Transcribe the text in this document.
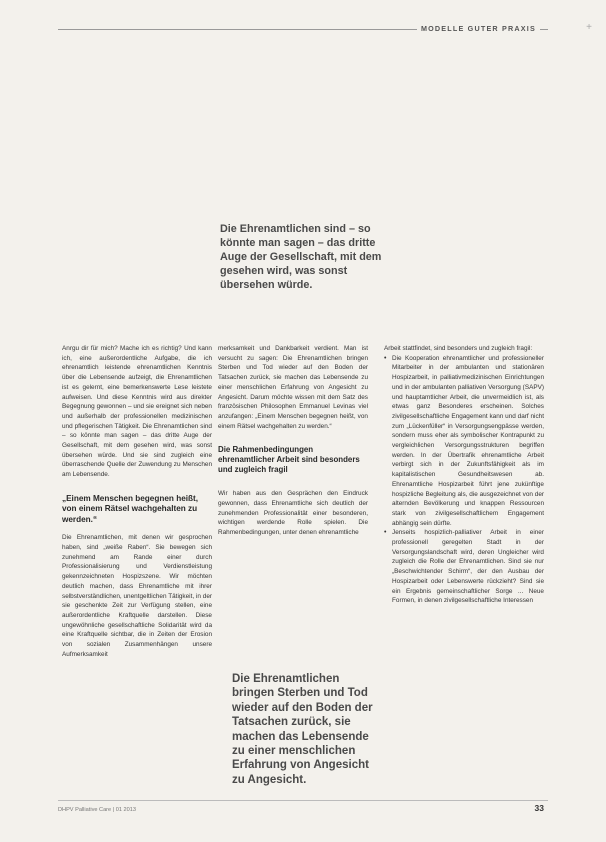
MODELLE GUTER PRAXIS	+
Die Ehrenamtlichen sind – so könnte man sagen – das dritte Auge der Gesellschaft, mit dem gesehen wird, was sonst übersehen würde.

Anrgu dir für mich? Mache ich es richtig? Und kann ich, eine außerordentliche Aufgabe, die ich ehrenamtlich leistende ehrenamtlichen Kenntnis über die Lebensende aufzeigt, die Ehrenamtlichen ist es gelernt, eine bemerkenswerte Lese leistete aufweisen. Und diese Kenntnis wird aus direkter Begegnung gewonnen – und sie ereignet sich neben und außerhalb der professionellen medizinischen und pflegerischen Tätigkeit. Die Ehrenamtlichen sind – so könnte man sagen – das dritte Auge der Gesellschaft, mit dem gesehen wird, was sonst übersehen würde. Und sie sind zugleich eine überraschende Quelle der Zuwendung zu Menschen am Lebensende.

„Einem Menschen begegnen heißt, von einem Rätsel wachgehalten zu werden.“

Die Ehrenamtlichen, mit denen wir gesprochen haben, sind „weiße Raben“. Sie bewegen sich zunehmend am Rande einer durch Professionalisierung und Verdienstleistung gekennzeichneten Hospizszene. Wir möchten deutlich machen, dass Ehrenamtliche mit ihrer selbstverständlichen, unentgeltlichen Tätigkeit, in der sie geschenkte Zeit zur Verfügung stellen, eine außerordentliche Kraftquelle darstellen. Diese ungewöhnliche gesellschaftliche Solidarität wird da eine Kraftquelle sichtbar, die in Zeiten der Erosion von sozialen Zusammenhängen unsere Aufmerksamkeit

merksamkeit und Dankbarkeit verdient. Man ist versucht zu sagen: Die Ehrenamtlichen bringen Sterben und Tod wieder auf den Boden der Tatsachen zurück, sie machen das Lebensende zu einer menschlichen Erfahrung von Angesicht zu Angesicht. Darum möchte wissen mit dem Satz des französischen Philosophen Emmanuel Levinas viel anzufangen: „Einem Menschen begegnen heißt, von einem Rätsel wachgehalten zu werden.“

Die Rahmenbedingungen ehrenamtlicher Arbeit sind besonders und zugleich fragil

Wir haben aus den Gesprächen den Eindruck gewonnen, dass Ehrenamtliche sich deutlich der zunehmenden Professionalität einer besonderen, wichtigen werdende Rolle spielen. Die Rahmenbedingungen, unter denen ehrenamtliche

Arbeit stattfindet, sind besonders und zugleich fragil:

• Die Kooperation ehrenamtlicher und professioneller Mitarbeiter in der ambulanten und stationären Hospizarbeit, in palliativmedizinischen Einrichtungen und in der ambulanten palliativen Versorgung (SAPV) und hauptamtlicher Arbeit, die unvermeidlich ist, als etwas ganz Besonderes erscheinen. Solches zivilgesellschaftliche Engagement kann und darf nicht zum „Lückenfüller“ in Versorgungsengpässe werden, sondern muss eher als symbolischer Kontrapunkt zu vergleichlichen Versorgungsstrukturen begriffen werden. In der Übertrafik ehrenamtliche Arbeit verbirgt sich in der Zukunftsfähigkeit als im kapitalistischen Gesundheitswesen ab. Ehrenamtliche Hospizarbeit führt jene zukünftige hospizliche Begleitung als, die ausgezeichnet von der alternden Bevölkerung und knappen Ressourcen stark von zivilgesellschaftlichem Engagement abhängig sein dürfte.
• Jenseits hospizlich-palliativer Arbeit in einer professionell geregelten Stadt in der Versorgungslandschaft wird, deren Ungleicher wird zugleich die Rolle der Ehrenamtlichen. Sind sie nur „Beschwichtender Schirm“, der den Ausbau der Hospizarbeit oder Lebenswerte rückzieht? Sind sie ein Ergebnis gemeinschaftlicher Sorge ... Neue Formen, in denen zivilgesellschaftliche Interessen
Die Ehrenamtlichen bringen Sterben und Tod wieder auf den Boden der Tatsachen zurück, sie machen das Lebensende zu einer menschlichen Erfahrung von Angesicht zu Angesicht.
DHPV Palliative Care | 01 2013	33
